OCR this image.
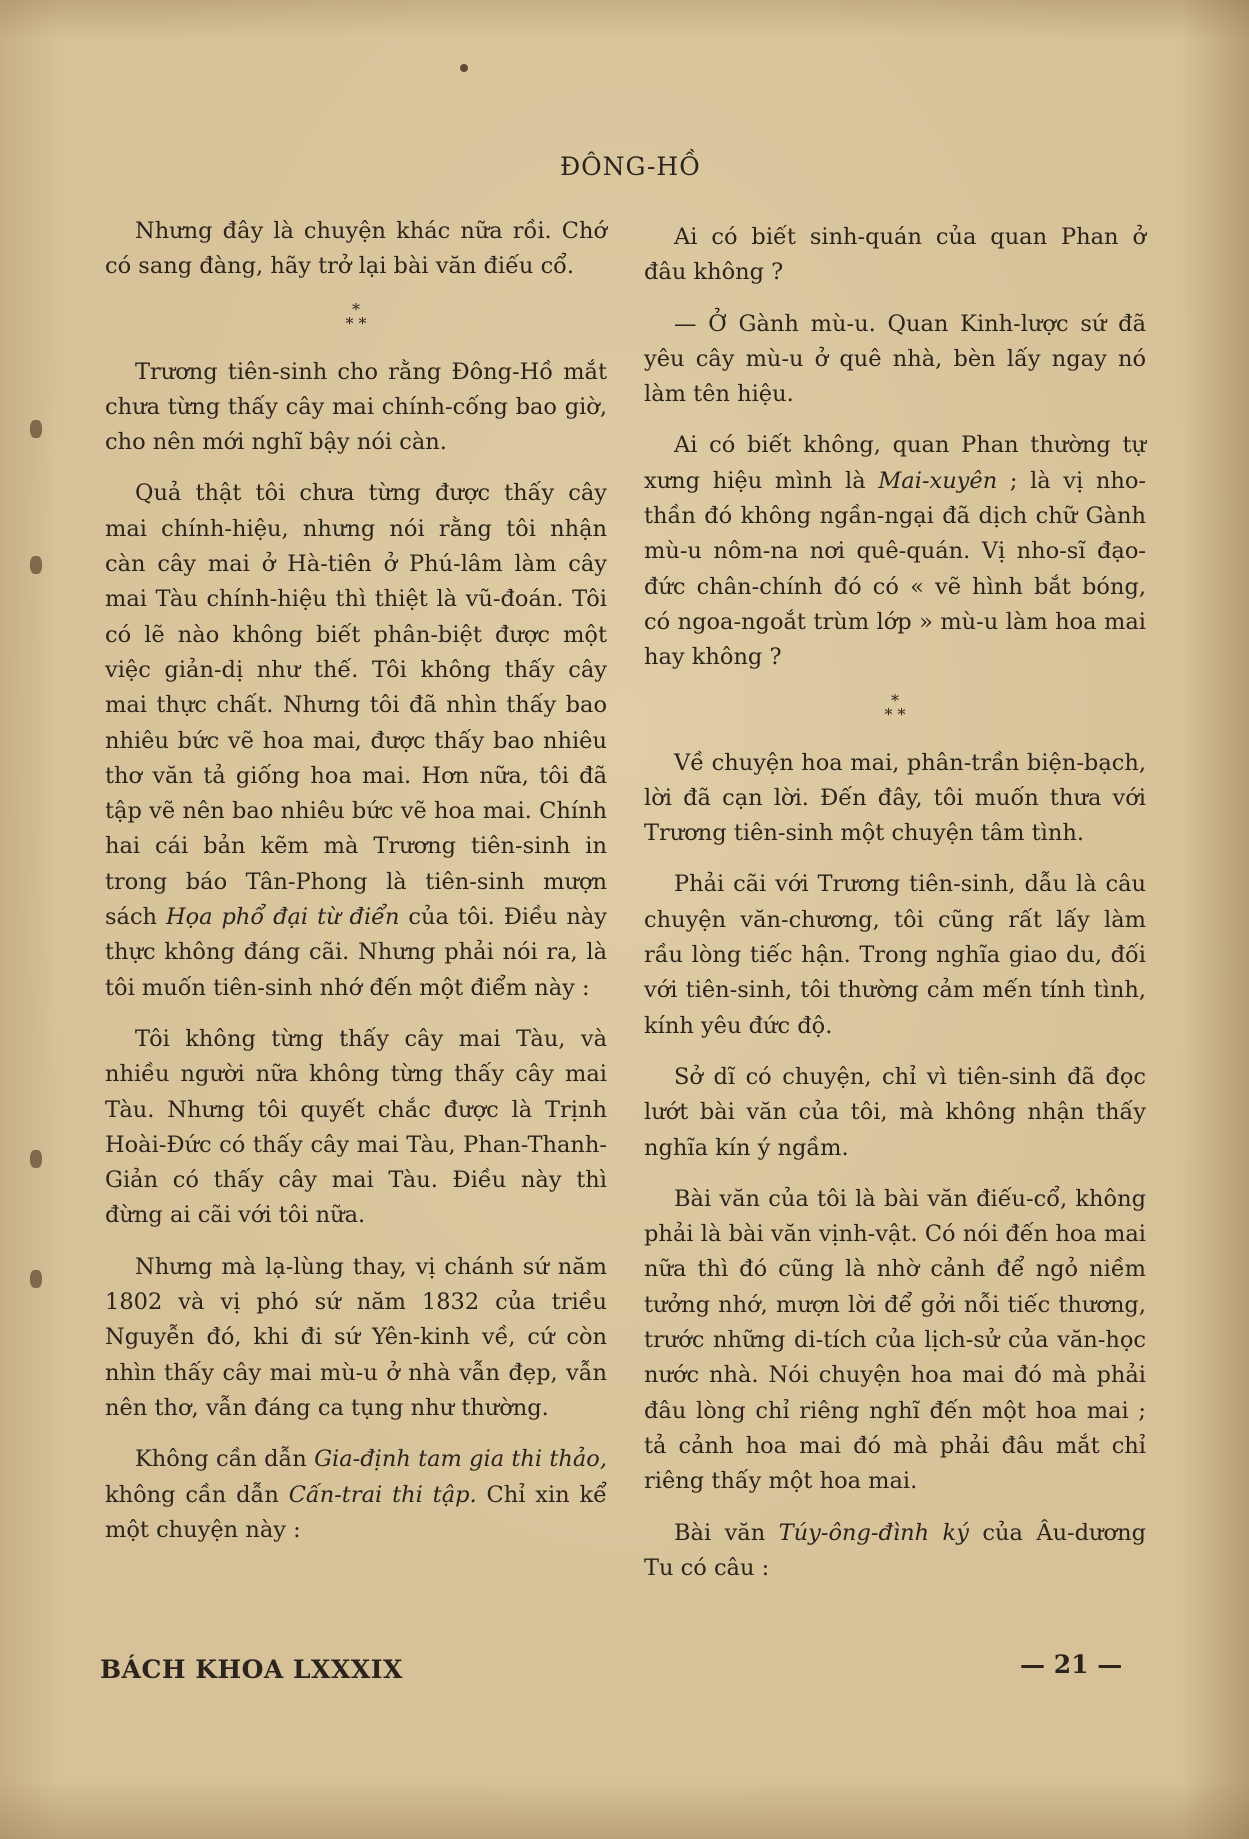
ĐÔNG-HỒ

Nhưng đây là chuyện khác nữa rồi. Chớ có sang đàng, hãy trở lại bài văn điếu cổ.

*
* *

Trương tiên-sinh cho rằng Đông-Hồ mắt chưa từng thấy cây mai chính-cống bao giờ, cho nên mới nghĩ bậy nói càn.

Quả thật tôi chưa từng được thấy cây mai chính-hiệu, nhưng nói rằng tôi nhận càn cây mai ở Hà-tiên ở Phú-lâm làm cây mai Tàu chính-hiệu thì thiệt là vũ-đoán. Tôi có lẽ nào không biết phân-biệt được một việc giản-dị như thế. Tôi không thấy cây mai thực chất. Nhưng tôi đã nhìn thấy bao nhiêu bức vẽ hoa mai, được thấy bao nhiêu thơ văn tả giống hoa mai. Hơn nữa, tôi đã tập vẽ nên bao nhiêu bức vẽ hoa mai. Chính hai cái bản kẽm mà Trương tiên-sinh in trong báo Tân-Phong là tiên-sinh mượn sách Họa phổ đại từ điển của tôi. Điều này thực không đáng cãi. Nhưng phải nói ra, là tôi muốn tiên-sinh nhớ đến một điểm này :

Tôi không từng thấy cây mai Tàu, và nhiều người nữa không từng thấy cây mai Tàu. Nhưng tôi quyết chắc được là Trịnh Hoài-Đức có thấy cây mai Tàu, Phan-Thanh-Giản có thấy cây mai Tàu. Điều này thì đừng ai cãi với tôi nữa.

Nhưng mà lạ-lùng thay, vị chánh sứ năm 1802 và vị phó sứ năm 1832 của triều Nguyễn đó, khi đi sứ Yên-kinh về, cứ còn nhìn thấy cây mai mù-u ở nhà vẫn đẹp, vẫn nên thơ, vẫn đáng ca tụng như thường.

Không cần dẫn Gia-định tam gia thi thảo, không cần dẫn Cấn-trai thi tập. Chỉ xin kể một chuyện này :

Ai có biết sinh-quán của quan Phan ở đâu không ?

— Ở Gành mù-u. Quan Kinh-lược sứ đã yêu cây mù-u ở quê nhà, bèn lấy ngay nó làm tên hiệu.

Ai có biết không, quan Phan thường tự xưng hiệu mình là Mai-xuyên ; là vị nho-thần đó không ngần-ngại đã dịch chữ Gành mù-u nôm-na nơi quê-quán. Vị nho-sĩ đạo-đức chân-chính đó có « vẽ hình bắt bóng, có ngoa-ngoắt trùm lớp » mù-u làm hoa mai hay không ?

*
* *

Về chuyện hoa mai, phân-trần biện-bạch, lời đã cạn lời. Đến đây, tôi muốn thưa với Trương tiên-sinh một chuyện tâm tình.

Phải cãi với Trương tiên-sinh, dẫu là câu chuyện văn-chương, tôi cũng rất lấy làm rầu lòng tiếc hận. Trong nghĩa giao du, đối với tiên-sinh, tôi thường cảm mến tính tình, kính yêu đức độ.

Sở dĩ có chuyện, chỉ vì tiên-sinh đã đọc lướt bài văn của tôi, mà không nhận thấy nghĩa kín ý ngầm.

Bài văn của tôi là bài văn điếu-cổ, không phải là bài văn vịnh-vật. Có nói đến hoa mai nữa thì đó cũng là nhờ cảnh để ngỏ niềm tưởng nhớ, mượn lời để gởi nỗi tiếc thương, trước những di-tích của lịch-sử của văn-học nước nhà. Nói chuyện hoa mai đó mà phải đâu lòng chỉ riêng nghĩ đến một hoa mai ; tả cảnh hoa mai đó mà phải đâu mắt chỉ riêng thấy một hoa mai.

Bài văn Túy-ông-đình ký của Âu-dương Tu có câu :

BÁCH KHOA LXXXIX	— 21 —
